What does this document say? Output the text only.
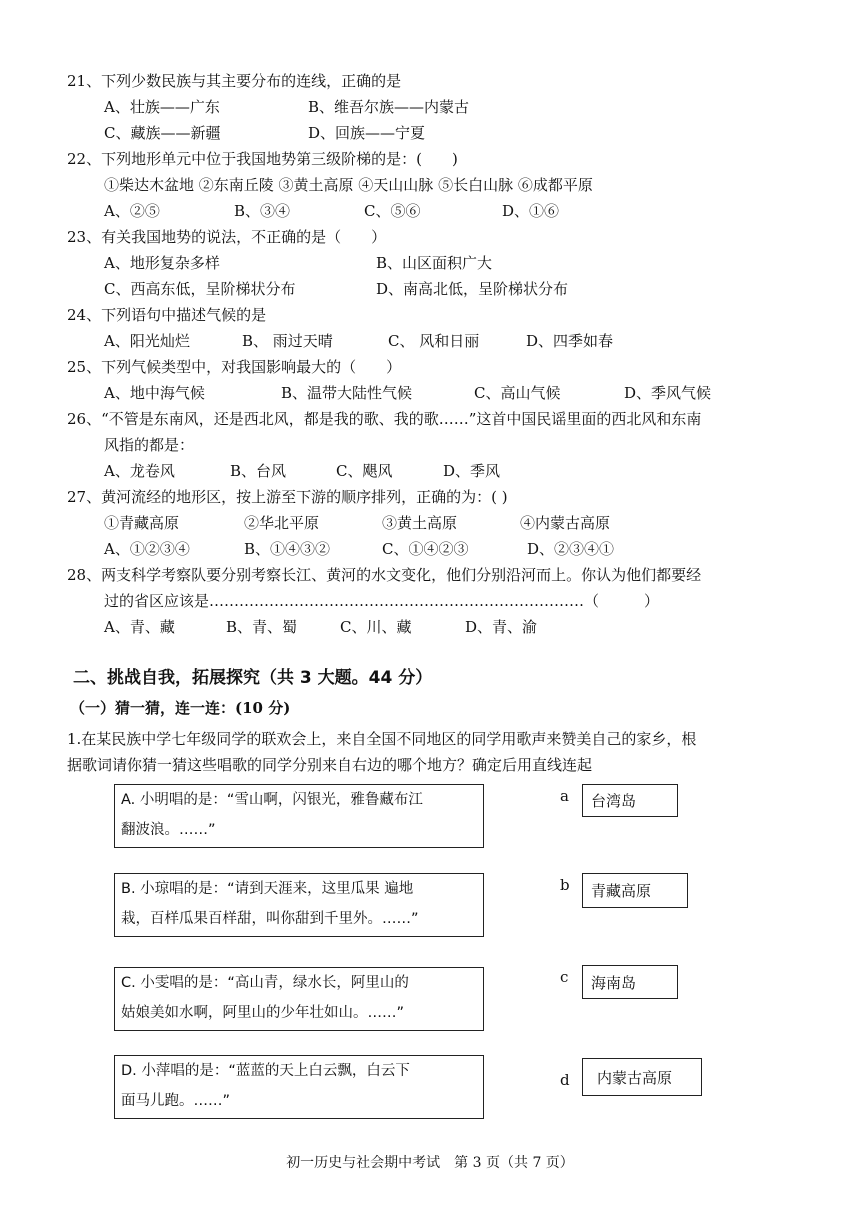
21、下列少数民族与其主要分布的连线，正确的是
A、壮族——广东	B、维吾尔族——内蒙古
C、藏族——新疆	D、回族——宁夏
22、下列地形单元中位于我国地势第三级阶梯的是：(　　)
①柴达木盆地 ②东南丘陵 ③黄土高原 ④天山山脉 ⑤长白山脉 ⑥成都平原
A、②⑤	B、③④	C、⑤⑥	D、①⑥
23、有关我国地势的说法，不正确的是（　　）
A、地形复杂多样	B、山区面积广大
C、西高东低，呈阶梯状分布	D、南高北低，呈阶梯状分布
24、下列语句中描述气候的是
A、阳光灿烂	B、 雨过天晴	C、 风和日丽	D、四季如春
25、下列气候类型中，对我国影响最大的（　　）
A、地中海气候	B、温带大陆性气候	C、高山气候	D、季风气候
26、“不管是东南风，还是西北风，都是我的歌、我的歌……”这首中国民谣里面的西北风和东南
风指的都是：
A、龙卷风	B、台风	C、飓风	D、季风
27、黄河流经的地形区，按上游至下游的顺序排列，正确的为：( )
①青藏高原	②华北平原	③黄土高原	④内蒙古高原
A、①②③④	B、①④③②	C、①④②③	D、②③④①
28、两支科学考察队要分别考察长江、黄河的水文变化，他们分别沿河而上。你认为他们都要经
过的省区应该是…………………………………………………………………（　　　）
A、青、藏	B、青、蜀	C、川、藏	D、青、渝
二、挑战自我，拓展探究（共 3 大题。44 分）
（一）猜一猜，连一连：(10 分)
1.在某民族中学七年级同学的联欢会上，来自全国不同地区的同学用歌声来赞美自己的家乡，根
据歌词请你猜一猜这些唱歌的同学分别来自右边的哪个地方？确定后用直线连起
A. 小明唱的是：“雪山啊，闪银光，雅鲁藏布江
翻波浪。……”
B. 小琼唱的是：“请到天涯来，这里瓜果 遍地
栽，百样瓜果百样甜，叫你甜到千里外。……”
C. 小雯唱的是：“高山青，绿水长，阿里山的
姑娘美如水啊，阿里山的少年壮如山。……”
D. 小萍唱的是：“蓝蓝的天上白云飘，白云下
面马儿跑。……”
a	台湾岛
b	青藏高原
c	海南岛
d	内蒙古高原
初一历史与社会期中考试　第 3 页（共 7 页）
